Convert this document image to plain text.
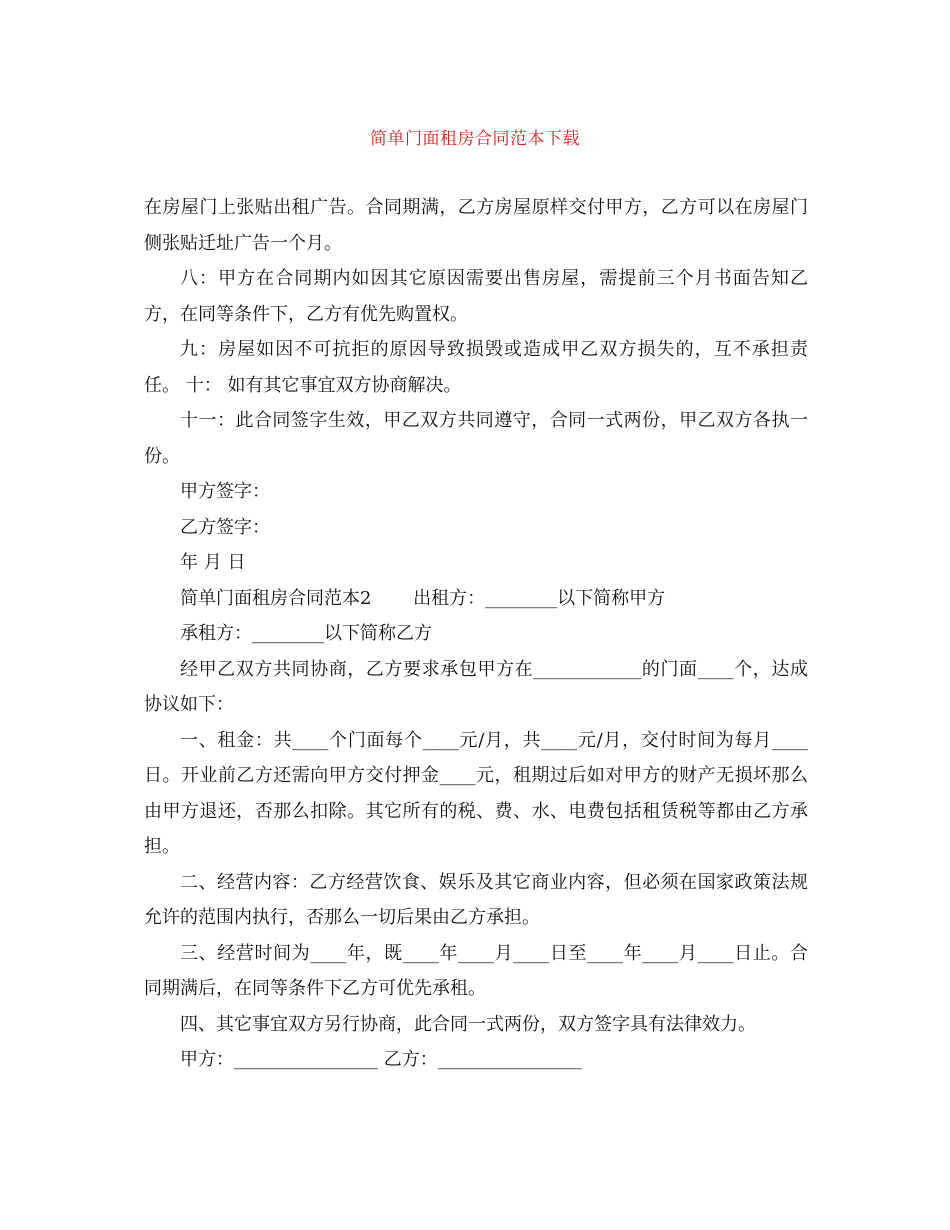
简单门面租房合同范本下载

在房屋门上张贴出租广告。合同期满，乙方房屋原样交付甲方，乙方可以在房屋门侧张贴迁址广告一个月。

八：甲方在合同期内如因其它原因需要出售房屋，需提前三个月书面告知乙方，在同等条件下，乙方有优先购置权。

九：房屋如因不可抗拒的原因导致损毁或造成甲乙双方损失的，互不承担责任。 十： 如有其它事宜双方协商解决。

十一：此合同签字生效，甲乙双方共同遵守，合同一式两份，甲乙双方各执一份。

甲方签字：

乙方签字：

年 月 日

简单门面租房合同范本2　　 出租方：________以下简称甲方

承租方：________以下简称乙方

经甲乙双方共同协商，乙方要求承包甲方在____________的门面____个，达成协议如下：

一、租金：共____个门面每个____元/月，共____元/月，交付时间为每月____日。开业前乙方还需向甲方交付押金____元，租期过后如对甲方的财产无损坏那么由甲方退还，否那么扣除。其它所有的税、费、水、电费包括租赁税等都由乙方承担。

二、经营内容：乙方经营饮食、娱乐及其它商业内容，但必须在国家政策法规允许的范围内执行，否那么一切后果由乙方承担。

三、经营时间为____年，既____年____月____日至____年____月____日止。合同期满后，在同等条件下乙方可优先承租。

四、其它事宜双方另行协商，此合同一式两份，双方签字具有法律效力。

甲方：________________ 乙方：________________
